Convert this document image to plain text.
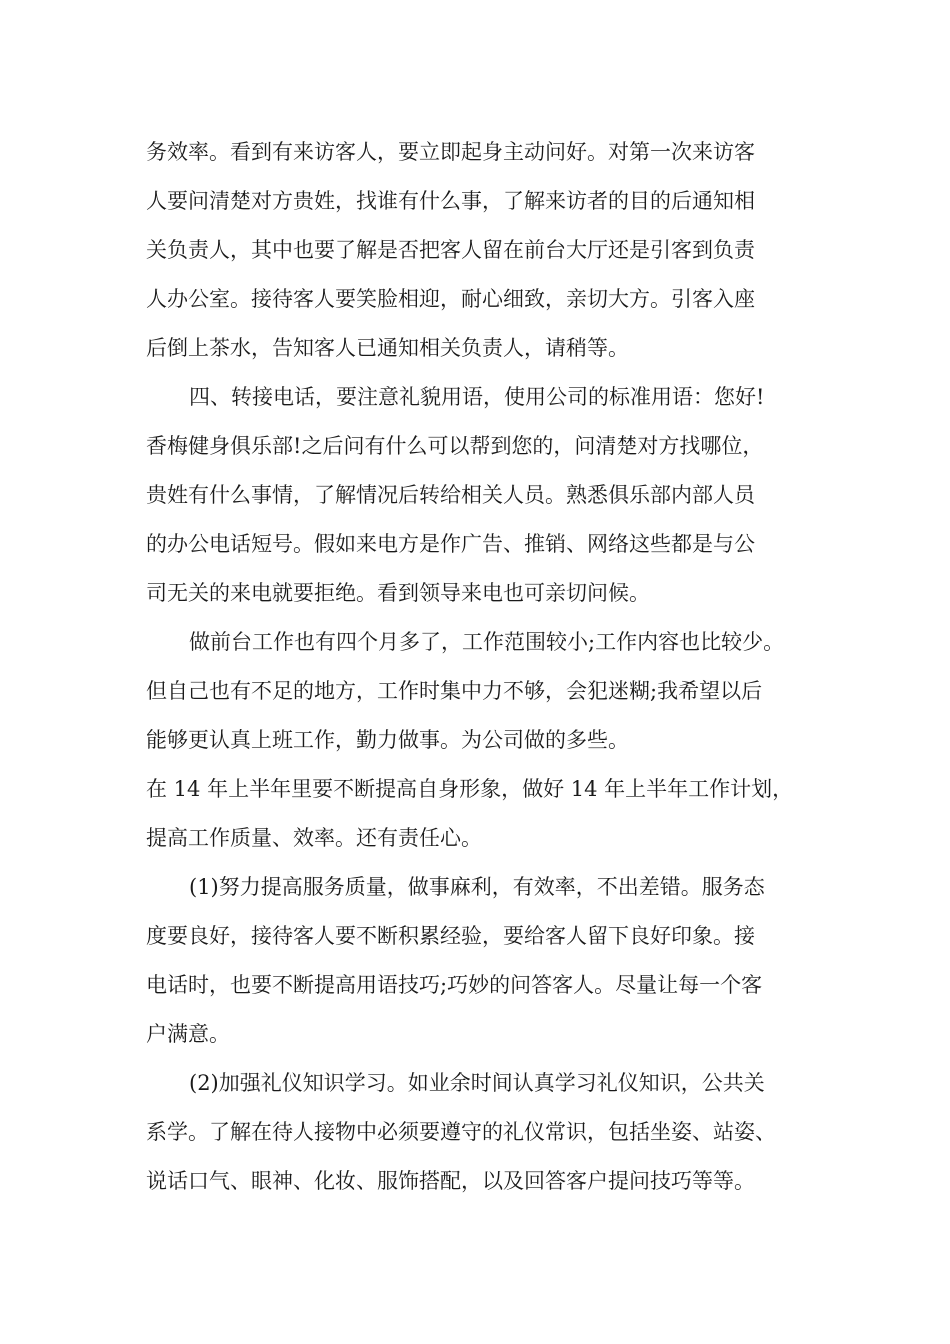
务效率。看到有来访客人，要立即起身主动问好。对第一次来访客

人要问清楚对方贵姓，找谁有什么事，了解来访者的目的后通知相

关负责人，其中也要了解是否把客人留在前台大厅还是引客到负责

人办公室。接待客人要笑脸相迎，耐心细致，亲切大方。引客入座

后倒上茶水，告知客人已通知相关负责人，请稍等。

四、转接电话，要注意礼貌用语，使用公司的标准用语：您好!

香梅健身俱乐部!之后问有什么可以帮到您的，问清楚对方找哪位，

贵姓有什么事情，了解情况后转给相关人员。熟悉俱乐部内部人员

的办公电话短号。假如来电方是作广告、推销、网络这些都是与公

司无关的来电就要拒绝。看到领导来电也可亲切问候。

做前台工作也有四个月多了，工作范围较小;工作内容也比较少。

但自己也有不足的地方，工作时集中力不够，会犯迷糊;我希望以后

能够更认真上班工作，勤力做事。为公司做的多些。

在 14 年上半年里要不断提高自身形象，做好 14 年上半年工作计划，

提高工作质量、效率。还有责任心。

(1)努力提高服务质量，做事麻利，有效率，不出差错。服务态

度要良好，接待客人要不断积累经验，要给客人留下良好印象。接

电话时，也要不断提高用语技巧;巧妙的问答客人。尽量让每一个客

户满意。

(2)加强礼仪知识学习。如业余时间认真学习礼仪知识，公共关

系学。了解在待人接物中必须要遵守的礼仪常识，包括坐姿、站姿、

说话口气、眼神、化妆、服饰搭配，以及回答客户提问技巧等等。
